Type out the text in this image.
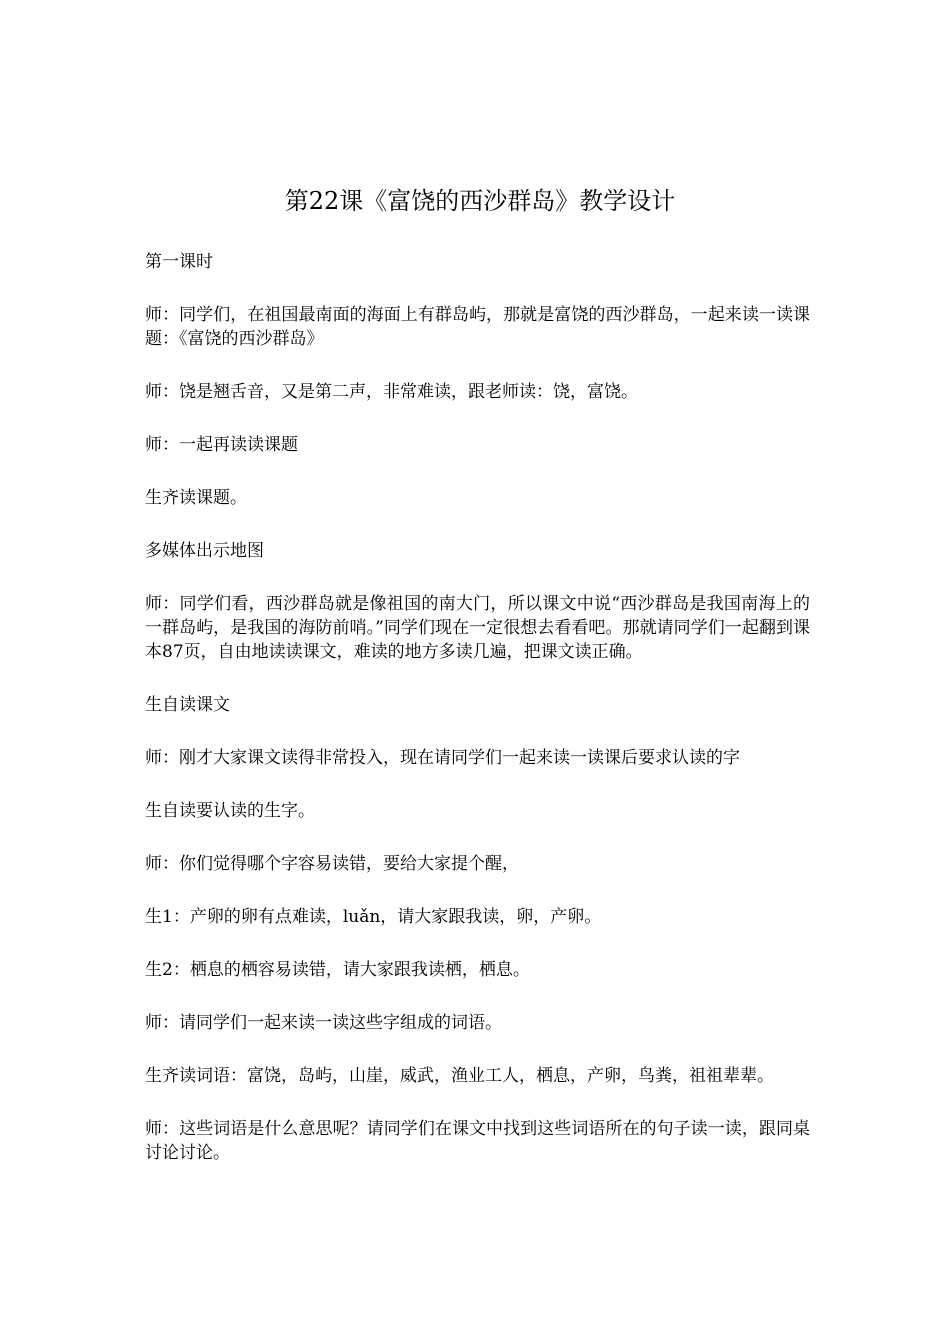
第22课《富饶的西沙群岛》教学设计

第一课时

师：同学们，在祖国最南面的海面上有群岛屿，那就是富饶的西沙群岛，一起来读一读课题：《富饶的西沙群岛》

师：饶是翘舌音，又是第二声，非常难读，跟老师读：饶，富饶。

师：一起再读读课题

生齐读课题。

多媒体出示地图

师：同学们看，西沙群岛就是像祖国的南大门，所以课文中说“西沙群岛是我国南海上的一群岛屿，是我国的海防前哨。”同学们现在一定很想去看看吧。那就请同学们一起翻到课本87页，自由地读读课文，难读的地方多读几遍，把课文读正确。

生自读课文

师：刚才大家课文读得非常投入，现在请同学们一起来读一读课后要求认读的字

生自读要认读的生字。

师：你们觉得哪个字容易读错，要给大家提个醒，

生1：产卵的卵有点难读，luǎn，请大家跟我读，卵，产卵。

生2：栖息的栖容易读错，请大家跟我读栖，栖息。

师：请同学们一起来读一读这些字组成的词语。

生齐读词语：富饶，岛屿，山崖，威武，渔业工人，栖息，产卵，鸟粪，祖祖辈辈。

师：这些词语是什么意思呢？请同学们在课文中找到这些词语所在的句子读一读，跟同桌讨论讨论。
